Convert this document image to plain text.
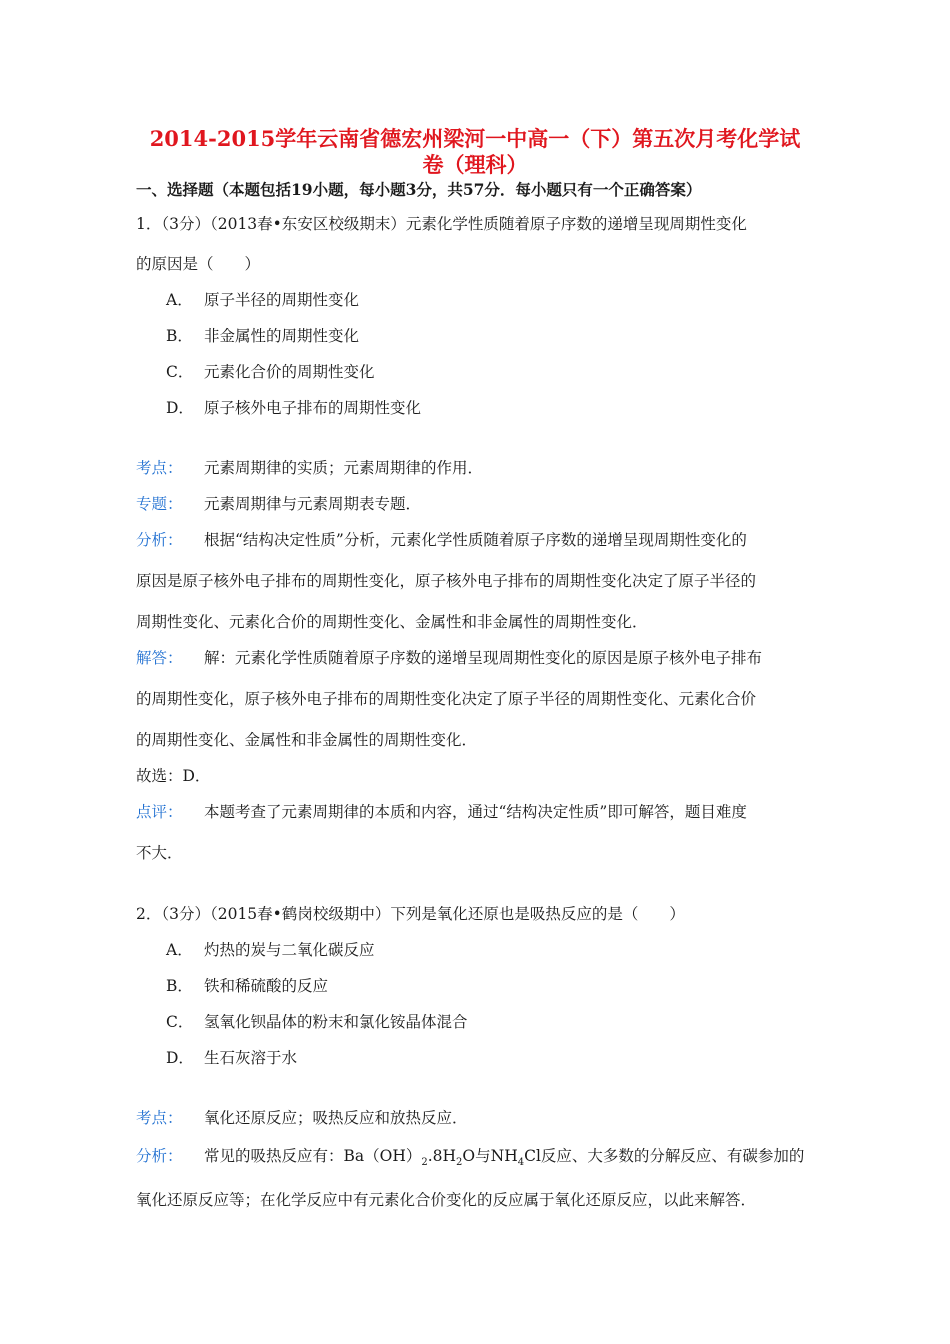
2014-2015学年云南省德宏州梁河一中高一（下）第五次月考化学试
卷（理科）
一、选择题（本题包括19小题，每小题3分，共57分．每小题只有一个正确答案）
1．（3分）（2013春•东安区校级期末）元素化学性质随着原子序数的递增呈现周期性变化
的原因是（　　）
A． 原子半径的周期性变化
B． 非金属性的周期性变化
C． 元素化合价的周期性变化
D． 原子核外电子排布的周期性变化
考点： 元素周期律的实质；元素周期律的作用．
专题： 元素周期律与元素周期表专题．
分析： 根据“结构决定性质”分析，元素化学性质随着原子序数的递增呈现周期性变化的
原因是原子核外电子排布的周期性变化，原子核外电子排布的周期性变化决定了原子半径的
周期性变化、元素化合价的周期性变化、金属性和非金属性的周期性变化．
解答： 解：元素化学性质随着原子序数的递增呈现周期性变化的原因是原子核外电子排布
的周期性变化，原子核外电子排布的周期性变化决定了原子半径的周期性变化、元素化合价
的周期性变化、金属性和非金属性的周期性变化．
故选：D．
点评： 本题考查了元素周期律的本质和内容，通过“结构决定性质”即可解答，题目难度
不大．
2．（3分）（2015春•鹤岗校级期中）下列是氧化还原也是吸热反应的是（　　）
A． 灼热的炭与二氧化碳反应
B． 铁和稀硫酸的反应
C． 氢氧化钡晶体的粉末和氯化铵晶体混合
D． 生石灰溶于水
考点： 氧化还原反应；吸热反应和放热反应．
分析： 常见的吸热反应有：$Ba(OH)_2.8H_2O$与$NH_4Cl$反应、大多数的分解反应、有碳参加的
氧化还原反应等；在化学反应中有元素化合价变化的反应属于氧化还原反应，以此来解答．
